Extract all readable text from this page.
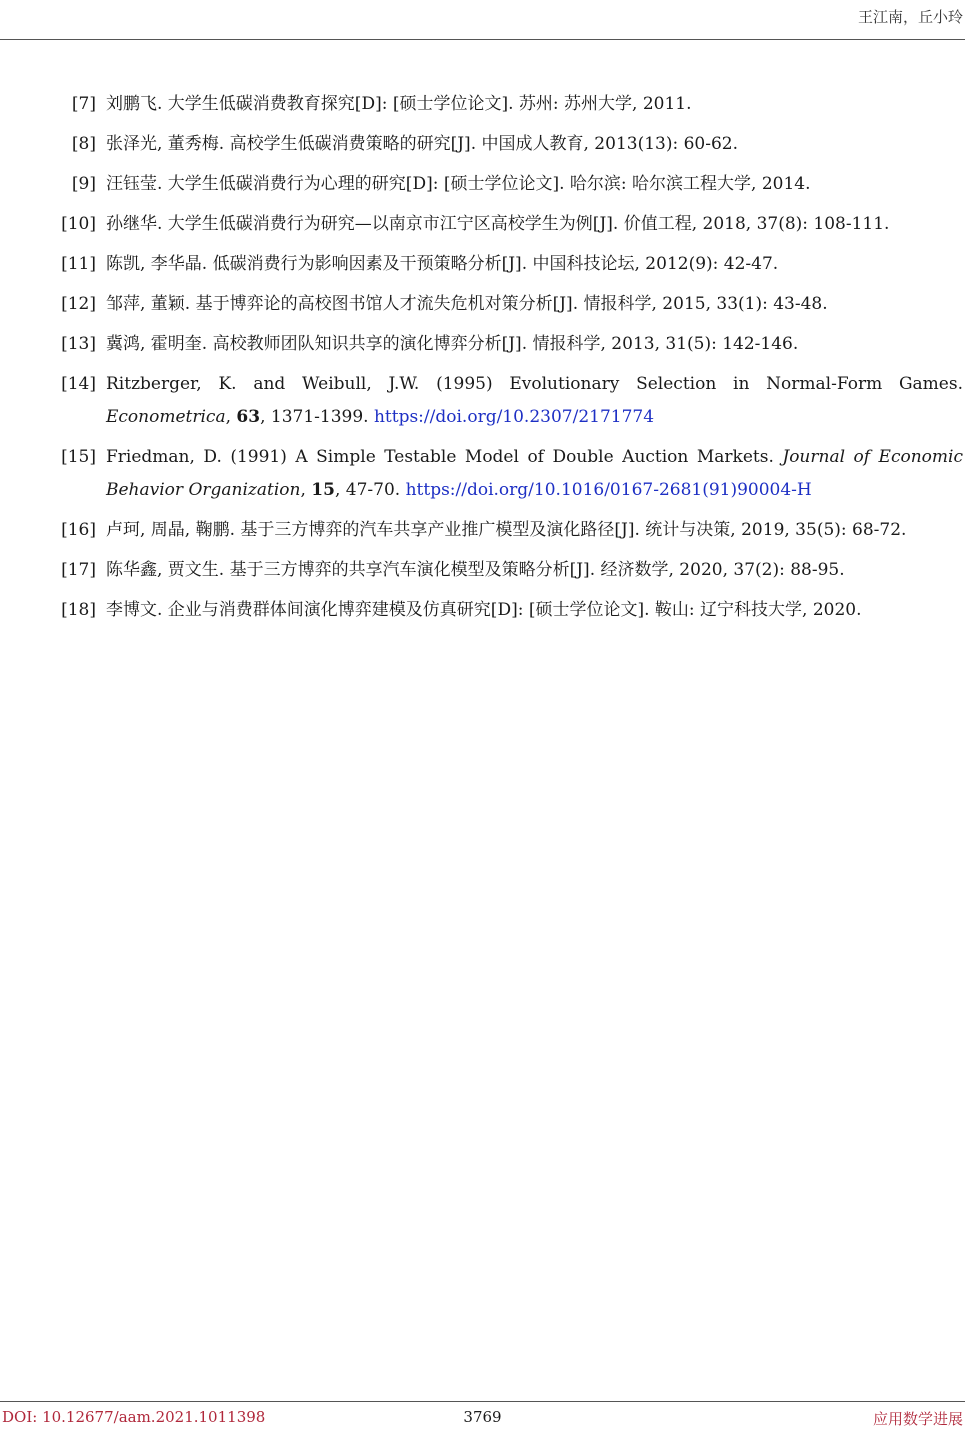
王江南，丘小玲
[7] 刘鹏飞. 大学生低碳消费教育探究[D]: [硕士学位论文]. 苏州: 苏州大学, 2011.
[8] 张泽光, 董秀梅. 高校学生低碳消费策略的研究[J]. 中国成人教育, 2013(13): 60-62.
[9] 汪钰莹. 大学生低碳消费行为心理的研究[D]: [硕士学位论文]. 哈尔滨: 哈尔滨工程大学, 2014.
[10] 孙继华. 大学生低碳消费行为研究—以南京市江宁区高校学生为例[J]. 价值工程, 2018, 37(8): 108-111.
[11] 陈凯, 李华晶. 低碳消费行为影响因素及干预策略分析[J]. 中国科技论坛, 2012(9): 42-47.
[12] 邹萍, 董颖. 基于博弈论的高校图书馆人才流失危机对策分析[J]. 情报科学, 2015, 33(1): 43-48.
[13] 冀鸿, 霍明奎. 高校教师团队知识共享的演化博弈分析[J]. 情报科学, 2013, 31(5): 142-146.
[14] Ritzberger, K. and Weibull, J.W. (1995) Evolutionary Selection in Normal-Form Games. Econometrica, 63, 1371-1399. https://doi.org/10.2307/2171774
[15] Friedman, D. (1991) A Simple Testable Model of Double Auction Markets. Journal of Economic Behavior Organization, 15, 47-70. https://doi.org/10.1016/0167-2681(91)90004-H
[16] 卢珂, 周晶, 鞠鹏. 基于三方博弈的汽车共享产业推广模型及演化路径[J]. 统计与决策, 2019, 35(5): 68-72.
[17] 陈华鑫, 贾文生. 基于三方博弈的共享汽车演化模型及策略分析[J]. 经济数学, 2020, 37(2): 88-95.
[18] 李博文. 企业与消费群体间演化博弈建模及仿真研究[D]: [硕士学位论文]. 鞍山: 辽宁科技大学, 2020.
3769
DOI: 10.12677/aam.2021.1011398	应用数学进展
